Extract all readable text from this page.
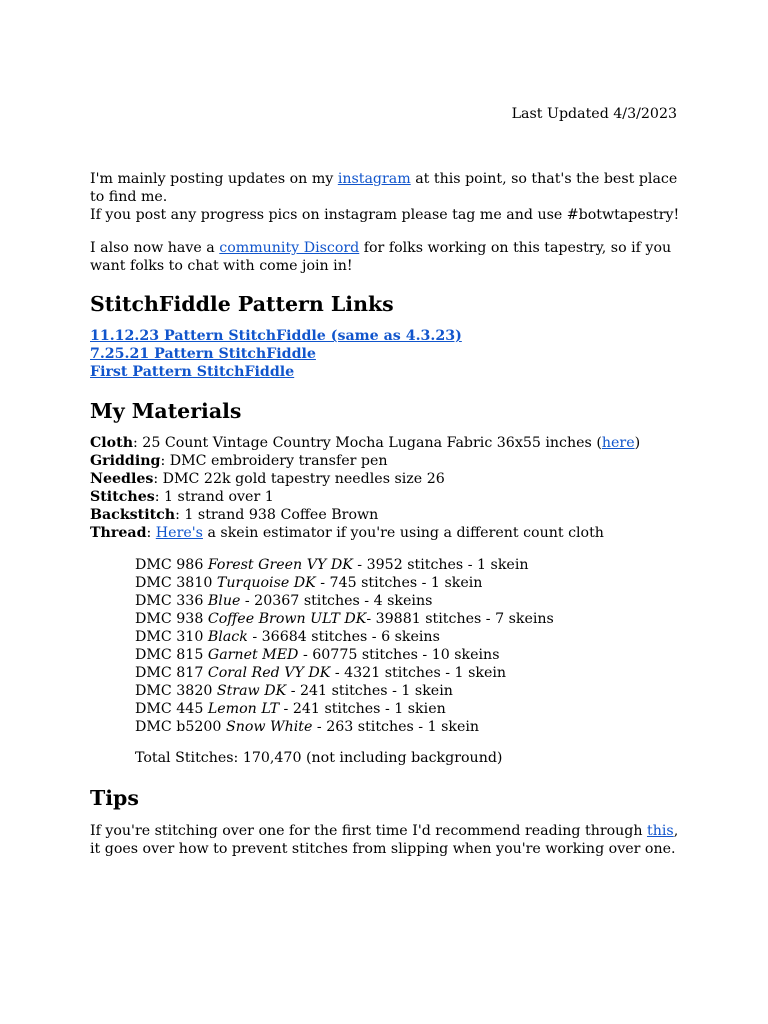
Last Updated 4/3/2023

I'm mainly posting updates on my instagram at this point, so that's the best place to find me.
If you post any progress pics on instagram please tag me and use #botwtapestry!

I also now have a community Discord for folks working on this tapestry, so if you want folks to chat with come join in!

StitchFiddle Pattern Links
11.12.23 Pattern StitchFiddle (same as 4.3.23)
7.25.21 Pattern StitchFiddle
First Pattern StitchFiddle
My Materials
Cloth: 25 Count Vintage Country Mocha Lugana Fabric 36x55 inches (here)
Gridding: DMC embroidery transfer pen
Needles: DMC 22k gold tapestry needles size 26
Stitches: 1 strand over 1
Backstitch: 1 strand 938 Coffee Brown
Thread: Here's a skein estimator if you're using a different count cloth
DMC 986 Forest Green VY DK - 3952 stitches - 1 skein
DMC 3810 Turquoise DK - 745 stitches - 1 skein
DMC 336 Blue - 20367 stitches - 4 skeins
DMC 938 Coffee Brown ULT DK- 39881 stitches - 7 skeins
DMC 310 Black - 36684 stitches - 6 skeins
DMC 815 Garnet MED - 60775 stitches - 10 skeins
DMC 817 Coral Red VY DK - 4321 stitches - 1 skein
DMC 3820 Straw DK - 241 stitches - 1 skein
DMC 445 Lemon LT - 241 stitches - 1 skien
DMC b5200 Snow White - 263 stitches - 1 skein
Total Stitches: 170,470 (not including background)
Tips

If you're stitching over one for the first time I'd recommend reading through this, it goes over how to prevent stitches from slipping when you're working over one.
